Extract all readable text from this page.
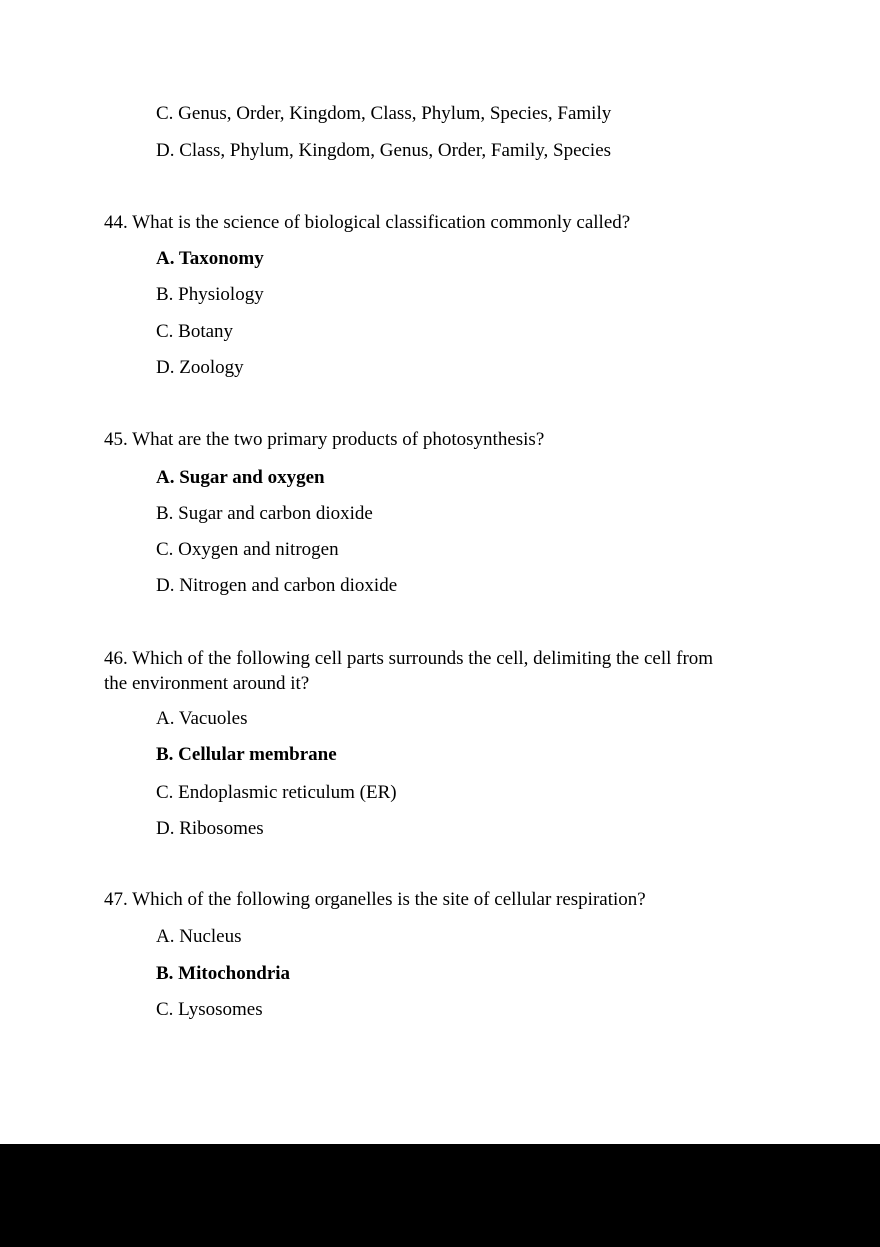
C. Genus, Order, Kingdom, Class, Phylum, Species, Family
D. Class, Phylum, Kingdom, Genus, Order, Family, Species
44. What is the science of biological classification commonly called?
A. Taxonomy
B. Physiology
C. Botany
D. Zoology
45. What are the two primary products of photosynthesis?
A. Sugar and oxygen
B. Sugar and carbon dioxide
C. Oxygen and nitrogen
D. Nitrogen and carbon dioxide
46. Which of the following cell parts surrounds the cell, delimiting the cell from
the environment around it?
A. Vacuoles
B. Cellular membrane
C. Endoplasmic reticulum (ER)
D. Ribosomes
47. Which of the following organelles is the site of cellular respiration?
A. Nucleus
B. Mitochondria
C. Lysosomes
